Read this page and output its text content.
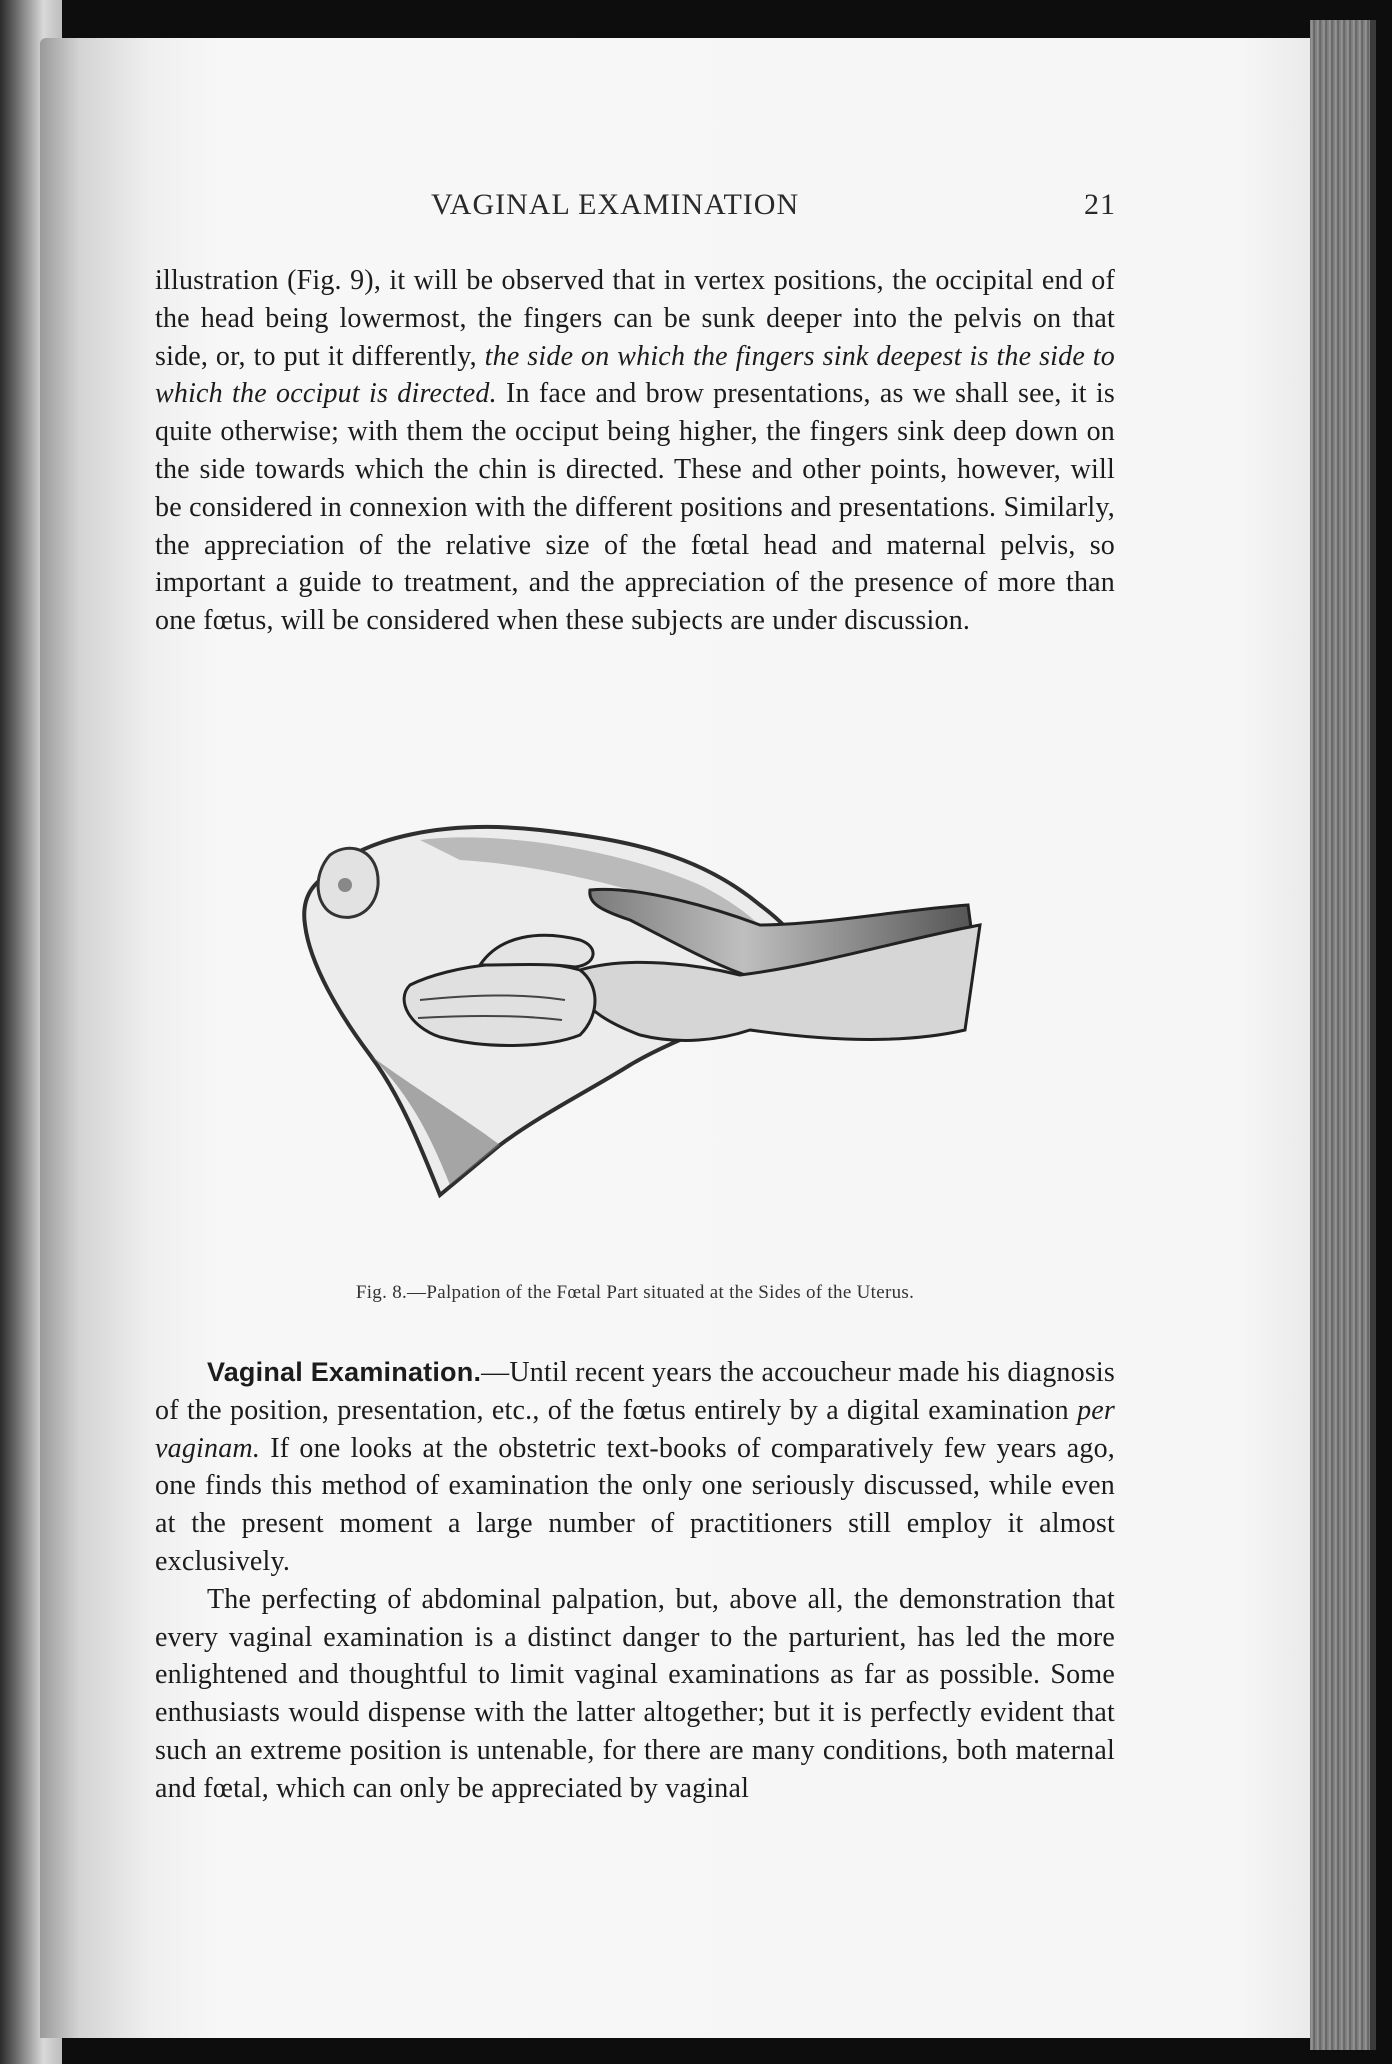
VAGINAL EXAMINATION	21

illustration (Fig. 9), it will be observed that in vertex positions, the occipital end of the head being lowermost, the fingers can be sunk deeper into the pelvis on that side, or, to put it differently, the side on which the fingers sink deepest is the side to which the occiput is directed. In face and brow presentations, as we shall see, it is quite otherwise; with them the occiput being higher, the fingers sink deep down on the side towards which the chin is directed. These and other points, however, will be considered in connexion with the different positions and presentations. Similarly, the appreciation of the relative size of the fœtal head and maternal pelvis, so important a guide to treatment, and the appreciation of the presence of more than one fœtus, will be considered when these subjects are under discussion.

Fig. 8.—Palpation of the Fœtal Part situated at the Sides of the Uterus.

Vaginal Examination.—Until recent years the accoucheur made his diagnosis of the position, presentation, etc., of the fœtus entirely by a digital examination per vaginam. If one looks at the obstetric text-books of comparatively few years ago, one finds this method of examination the only one seriously discussed, while even at the present moment a large number of practitioners still employ it almost exclusively.

The perfecting of abdominal palpation, but, above all, the demonstration that every vaginal examination is a distinct danger to the parturient, has led the more enlightened and thoughtful to limit vaginal examinations as far as possible. Some enthusiasts would dispense with the latter altogether; but it is perfectly evident that such an extreme position is untenable, for there are many conditions, both maternal and fœtal, which can only be appreciated by vaginal
